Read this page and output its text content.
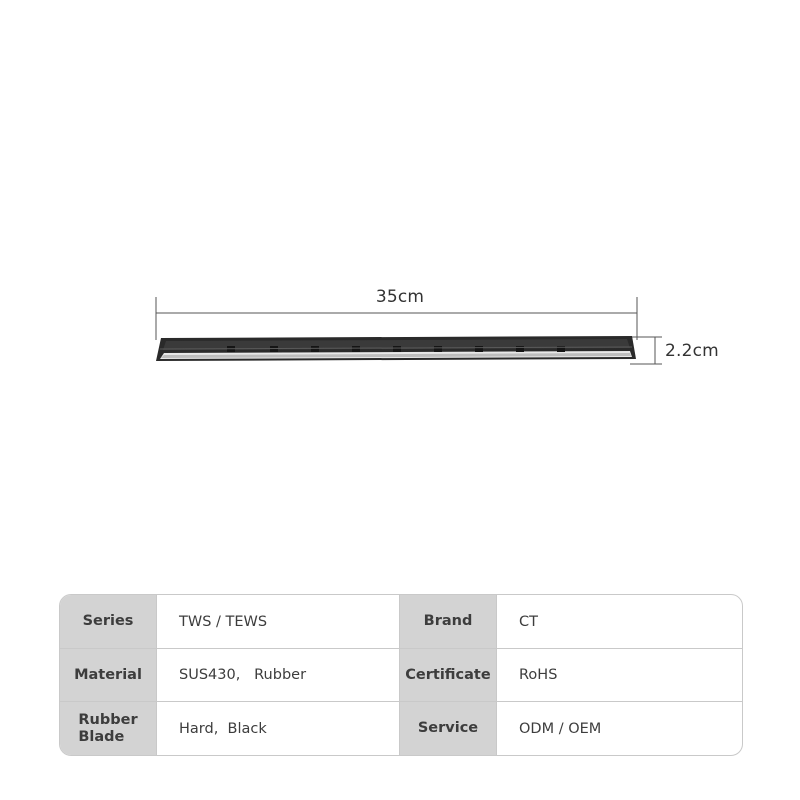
35cm
2.2cm
Series	TWS / TEWS	Brand	CT
Material	SUS430,   Rubber	Certificate	RoHS
Rubber
Blade	Hard,  Black	Service	ODM / OEM
